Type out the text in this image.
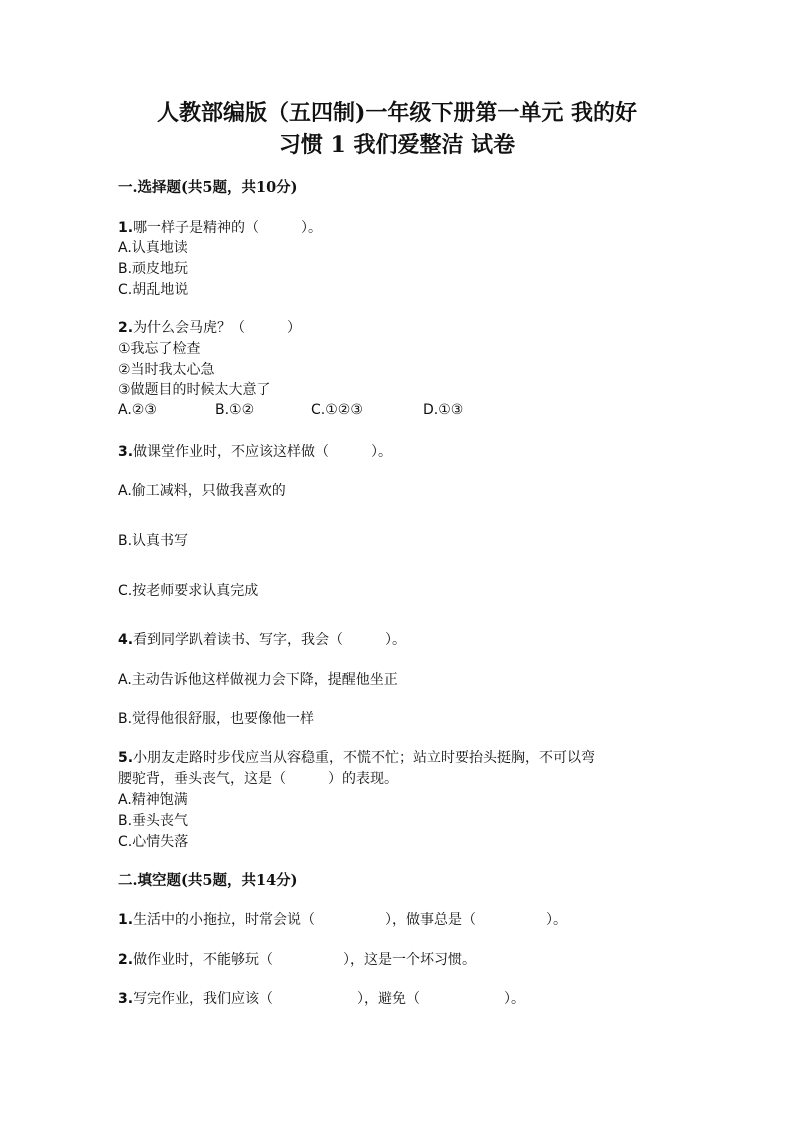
人教部编版（五四制)一年级下册第一单元 我的好
习惯 1 我们爱整洁 试卷
一.选择题(共5题，共10分)
1.哪一样子是精神的（　　　）。
A.认真地读
B.顽皮地玩
C.胡乱地说
2.为什么会马虎？（　　　）
①我忘了检查
②当时我太心急
③做题目的时候太大意了
A.②③	B.①②	C.①②③	D.①③
3.做课堂作业时，不应该这样做（　　　）。
A.偷工减料，只做我喜欢的
B.认真书写
C.按老师要求认真完成
4.看到同学趴着读书、写字，我会（　　　）。
A.主动告诉他这样做视力会下降，提醒他坐正
B.觉得他很舒服，也要像他一样
5.小朋友走路时步伐应当从容稳重，不慌不忙；站立时要抬头挺胸，不可以弯
腰驼背，垂头丧气，这是（　　　）的表现。
A.精神饱满
B.垂头丧气
C.心情失落
二.填空题(共5题，共14分)
1.生活中的小拖拉，时常会说（　　　　　），做事总是（　　　　　）。
2.做作业时，不能够玩（　　　　　），这是一个坏习惯。
3.写完作业，我们应该（　　　　　　），避免（　　　　　　）。
